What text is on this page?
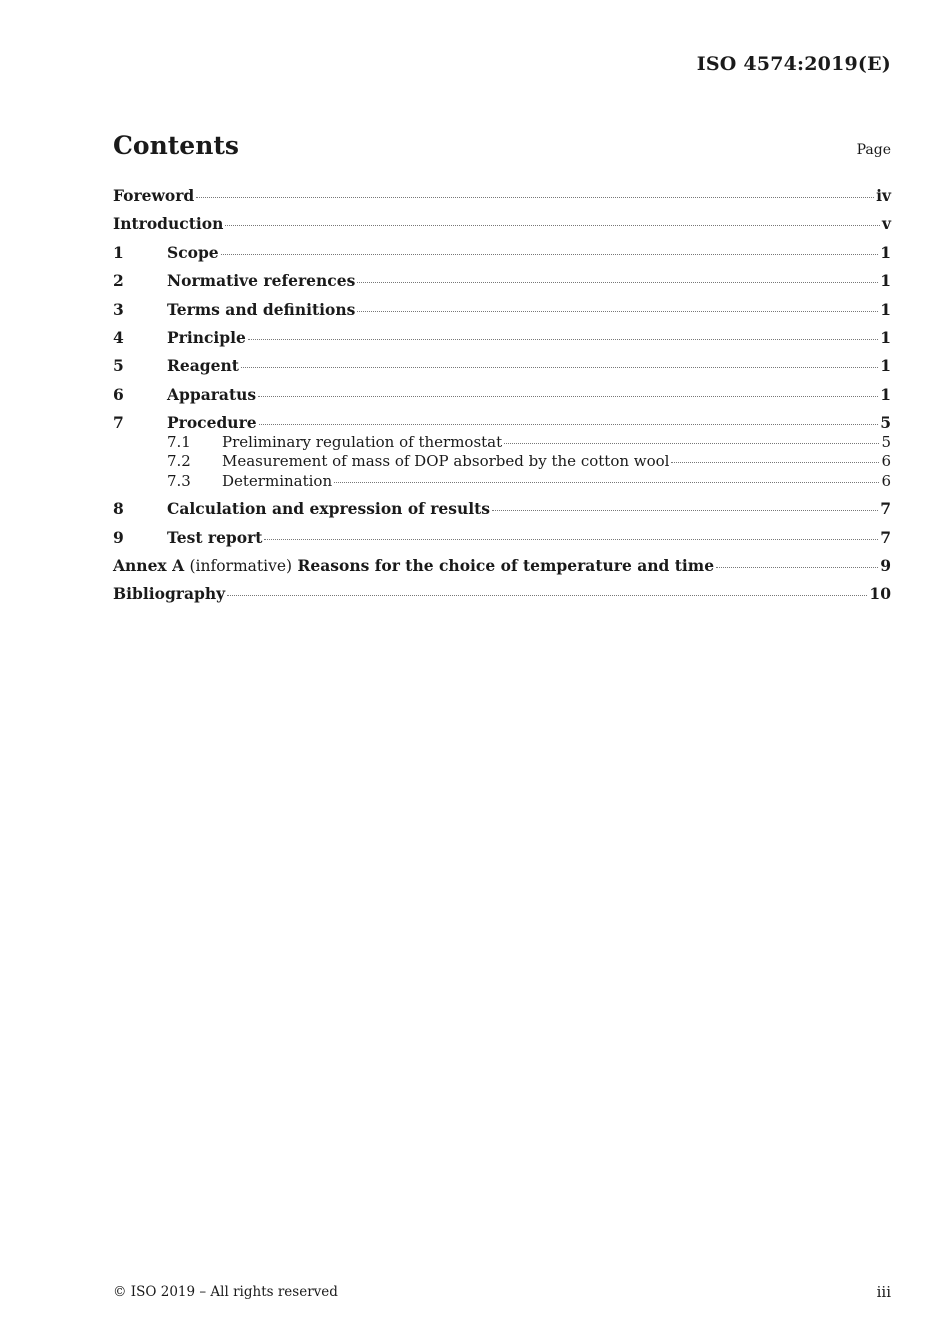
ISO 4574:2019(E)
Contents	Page
Foreword	iv
Introduction	v
1	Scope	1
2	Normative references	1
3	Terms and definitions	1
4	Principle	1
5	Reagent	1
6	Apparatus	1
7	Procedure	5
7.1	Preliminary regulation of thermostat	5
7.2	Measurement of mass of DOP absorbed by the cotton wool	6
7.3	Determination	6
8	Calculation and expression of results	7
9	Test report	7
Annex A (informative) Reasons for the choice of temperature and time	9
Bibliography	10
© ISO 2019 – All rights reserved	iii
